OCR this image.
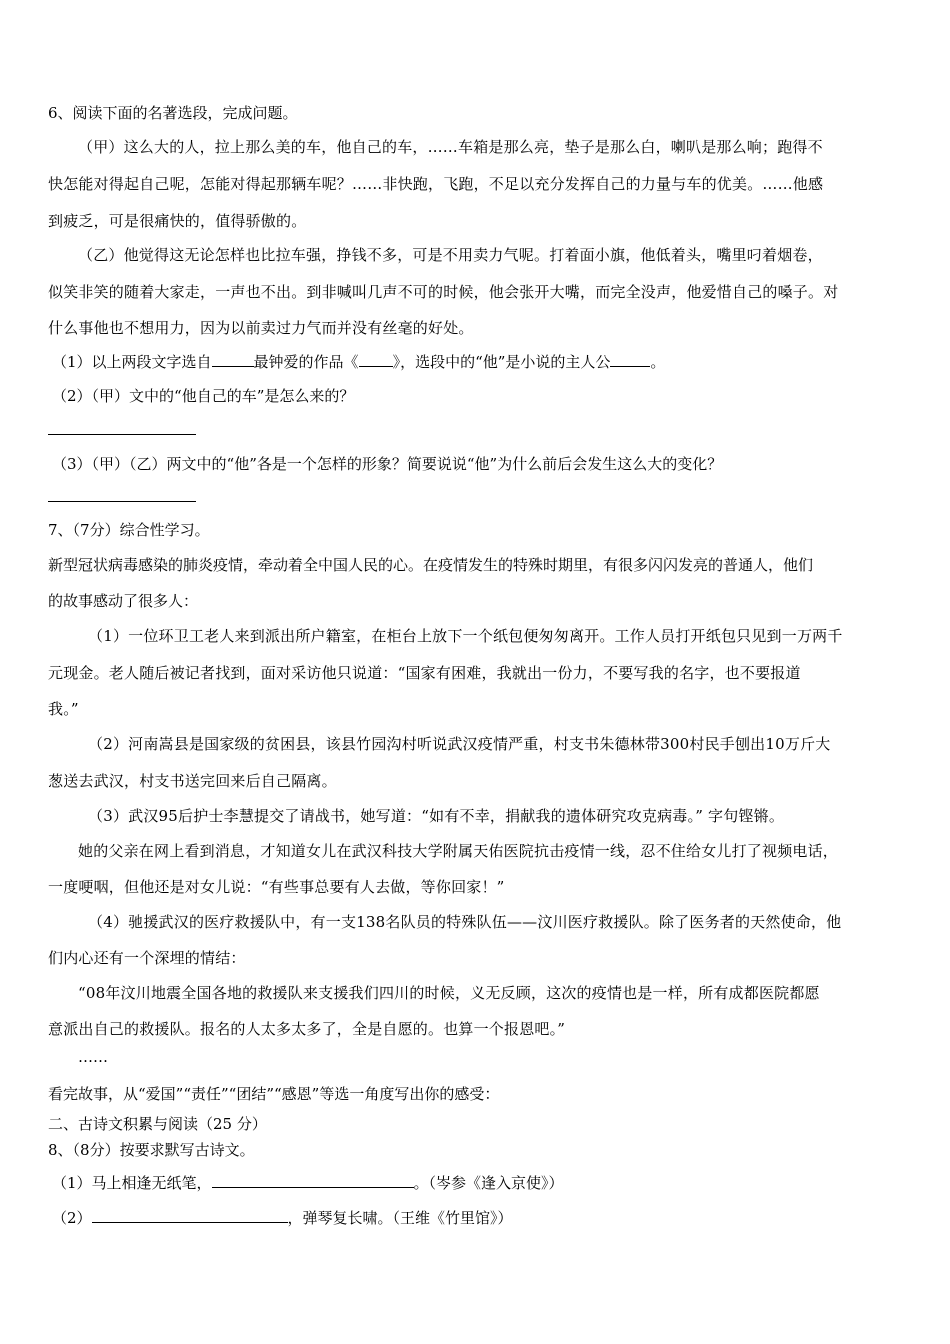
6、阅读下面的名著选段，完成问题。
（甲）这么大的人，拉上那么美的车，他自己的车，……车箱是那么亮，垫子是那么白，喇叭是那么响；跑得不
快怎能对得起自己呢，怎能对得起那辆车呢？……非快跑，飞跑，不足以充分发挥自己的力量与车的优美。……他感
到疲乏，可是很痛快的，值得骄傲的。
（乙）他觉得这无论怎样也比拉车强，挣钱不多，可是不用卖力气呢。打着面小旗，他低着头，嘴里叼着烟卷，
似笑非笑的随着大家走，一声也不出。到非喊叫几声不可的时候，他会张开大嘴，而完全没声，他爱惜自己的嗓子。对
什么事他也不想用力，因为以前卖过力气而并没有丝毫的好处。
（1）以上两段文字选自	最钟爱的作品《 》，选段中的“他”是小说的主人公	。
（2）（甲）文中的“他自己的车”是怎么来的？
（3）（甲）（乙）两文中的“他”各是一个怎样的形象？简要说说“他”为什么前后会发生这么大的变化？
7、（7分）综合性学习。
新型冠状病毒感染的肺炎疫情，牵动着全中国人民的心。在疫情发生的特殊时期里，有很多闪闪发亮的普通人，他们
的故事感动了很多人：
（1）一位环卫工老人来到派出所户籍室，在柜台上放下一个纸包便匆匆离开。工作人员打开纸包只见到一万两千
元现金。老人随后被记者找到，面对采访他只说道：“国家有困难，我就出一份力，不要写我的名字，也不要报道
我。”
（2）河南嵩县是国家级的贫困县，该县竹园沟村听说武汉疫情严重，村支书朱德林带300村民手刨出10万斤大
葱送去武汉，村支书送完回来后自己隔离。
（3）武汉95后护士李慧提交了请战书，她写道：“如有不幸，捐献我的遗体研究攻克病毒。” 字句铿锵。
她的父亲在网上看到消息，才知道女儿在武汉科技大学附属天佑医院抗击疫情一线，忍不住给女儿打了视频电话，
一度哽咽，但他还是对女儿说：“有些事总要有人去做，等你回家！”
（4）驰援武汉的医疗救援队中，有一支138名队员的特殊队伍——汶川医疗救援队。除了医务者的天然使命，他
们内心还有一个深埋的情结：
“08年汶川地震全国各地的救援队来支援我们四川的时候，义无反顾，这次的疫情也是一样，所有成都医院都愿
意派出自己的救援队。报名的人太多太多了，全是自愿的。也算一个报恩吧。”
……
看完故事，从“爱国”“责任”“团结”“感恩”等选一角度写出你的感受：
二、古诗文积累与阅读（25 分）
8、（8分）按要求默写古诗文。
（1）马上相逢无纸笔，	。（岑参《逢入京使》）
（2）	，弹琴复长啸。（王维《竹里馆》）
